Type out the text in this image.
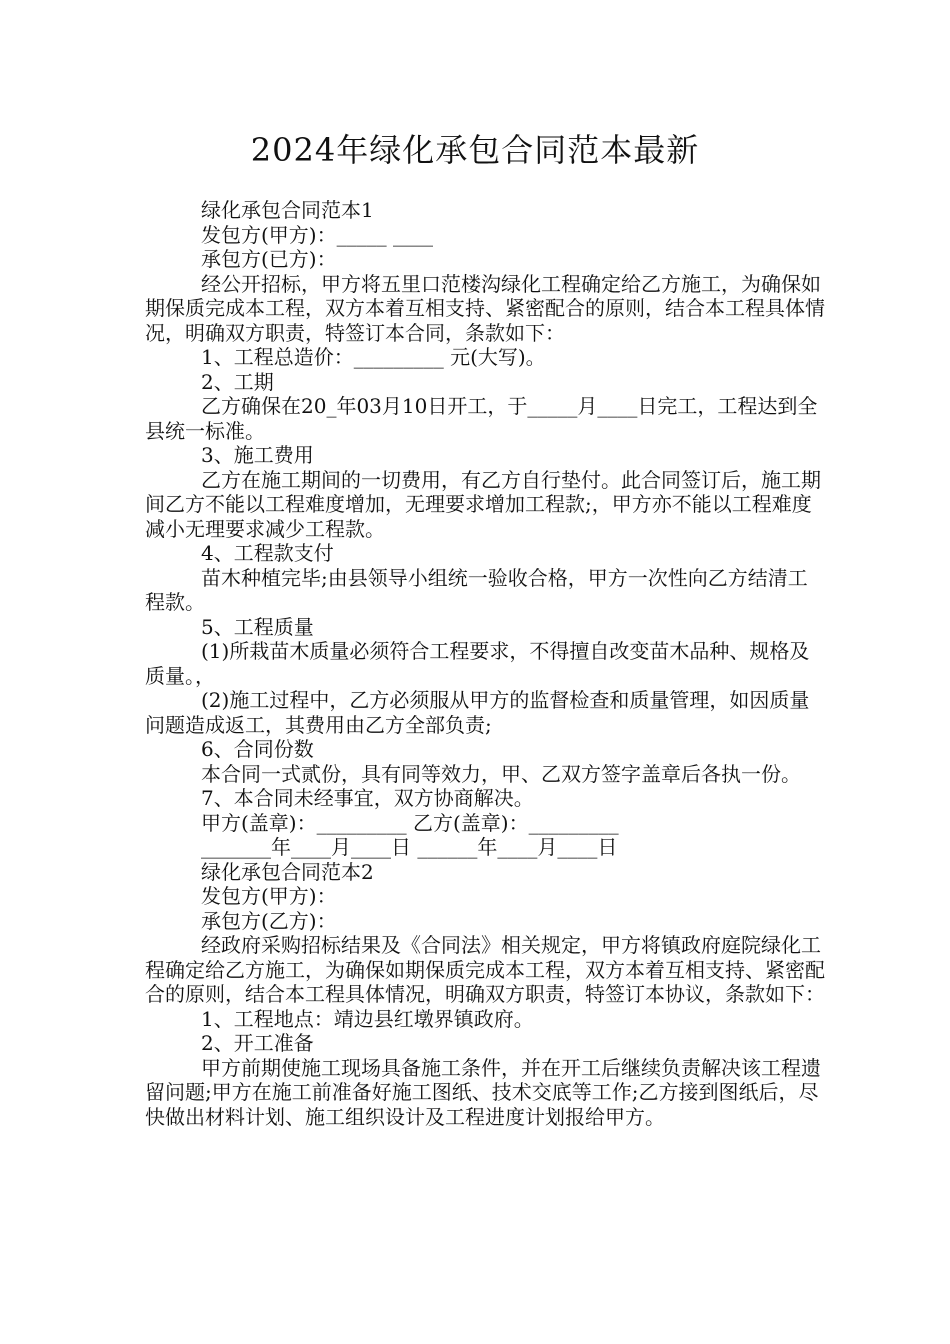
2024年绿化承包合同范本最新

绿化承包合同范本1

发包方(甲方)：_____ ____

承包方(已方)：

经公开招标，甲方将五里口范楼沟绿化工程确定给乙方施工，为确保如期保质完成本工程，双方本着互相支持、紧密配合的原则，结合本工程具体情况，明确双方职责，特签订本合同，条款如下：

1、工程总造价：_________ 元(大写)。

2、工期

乙方确保在20_年03月10日开工，于_____月____日完工，工程达到全县统一标准。

3、施工费用

乙方在施工期间的一切费用，有乙方自行垫付。此合同签订后，施工期间乙方不能以工程难度增加，无理要求增加工程款;，甲方亦不能以工程难度减小无理要求减少工程款。

4、工程款支付

苗木种植完毕;由县领导小组统一验收合格，甲方一次性向乙方结清工程款。

5、工程质量

(1)所栽苗木质量必须符合工程要求，不得擅自改变苗木品种、规格及质量。，

(2)施工过程中，乙方必须服从甲方的监督检查和质量管理，如因质量问题造成返工，其费用由乙方全部负责;

6、合同份数

本合同一式贰份，具有同等效力，甲、乙双方签字盖章后各执一份。

7、本合同未经事宜，双方协商解决。

甲方(盖章)：_________ 乙方(盖章)：_________

_______年____月____日 ______年____月____日

绿化承包合同范本2

发包方(甲方)：

承包方(乙方)：

经政府采购招标结果及《合同法》相关规定，甲方将镇政府庭院绿化工程确定给乙方施工，为确保如期保质完成本工程，双方本着互相支持、紧密配合的原则，结合本工程具体情况，明确双方职责，特签订本协议，条款如下：

1、工程地点：靖边县红墩界镇政府。

2、开工准备

甲方前期使施工现场具备施工条件，并在开工后继续负责解决该工程遗留问题;甲方在施工前准备好施工图纸、技术交底等工作;乙方接到图纸后，尽快做出材料计划、施工组织设计及工程进度计划报给甲方。
